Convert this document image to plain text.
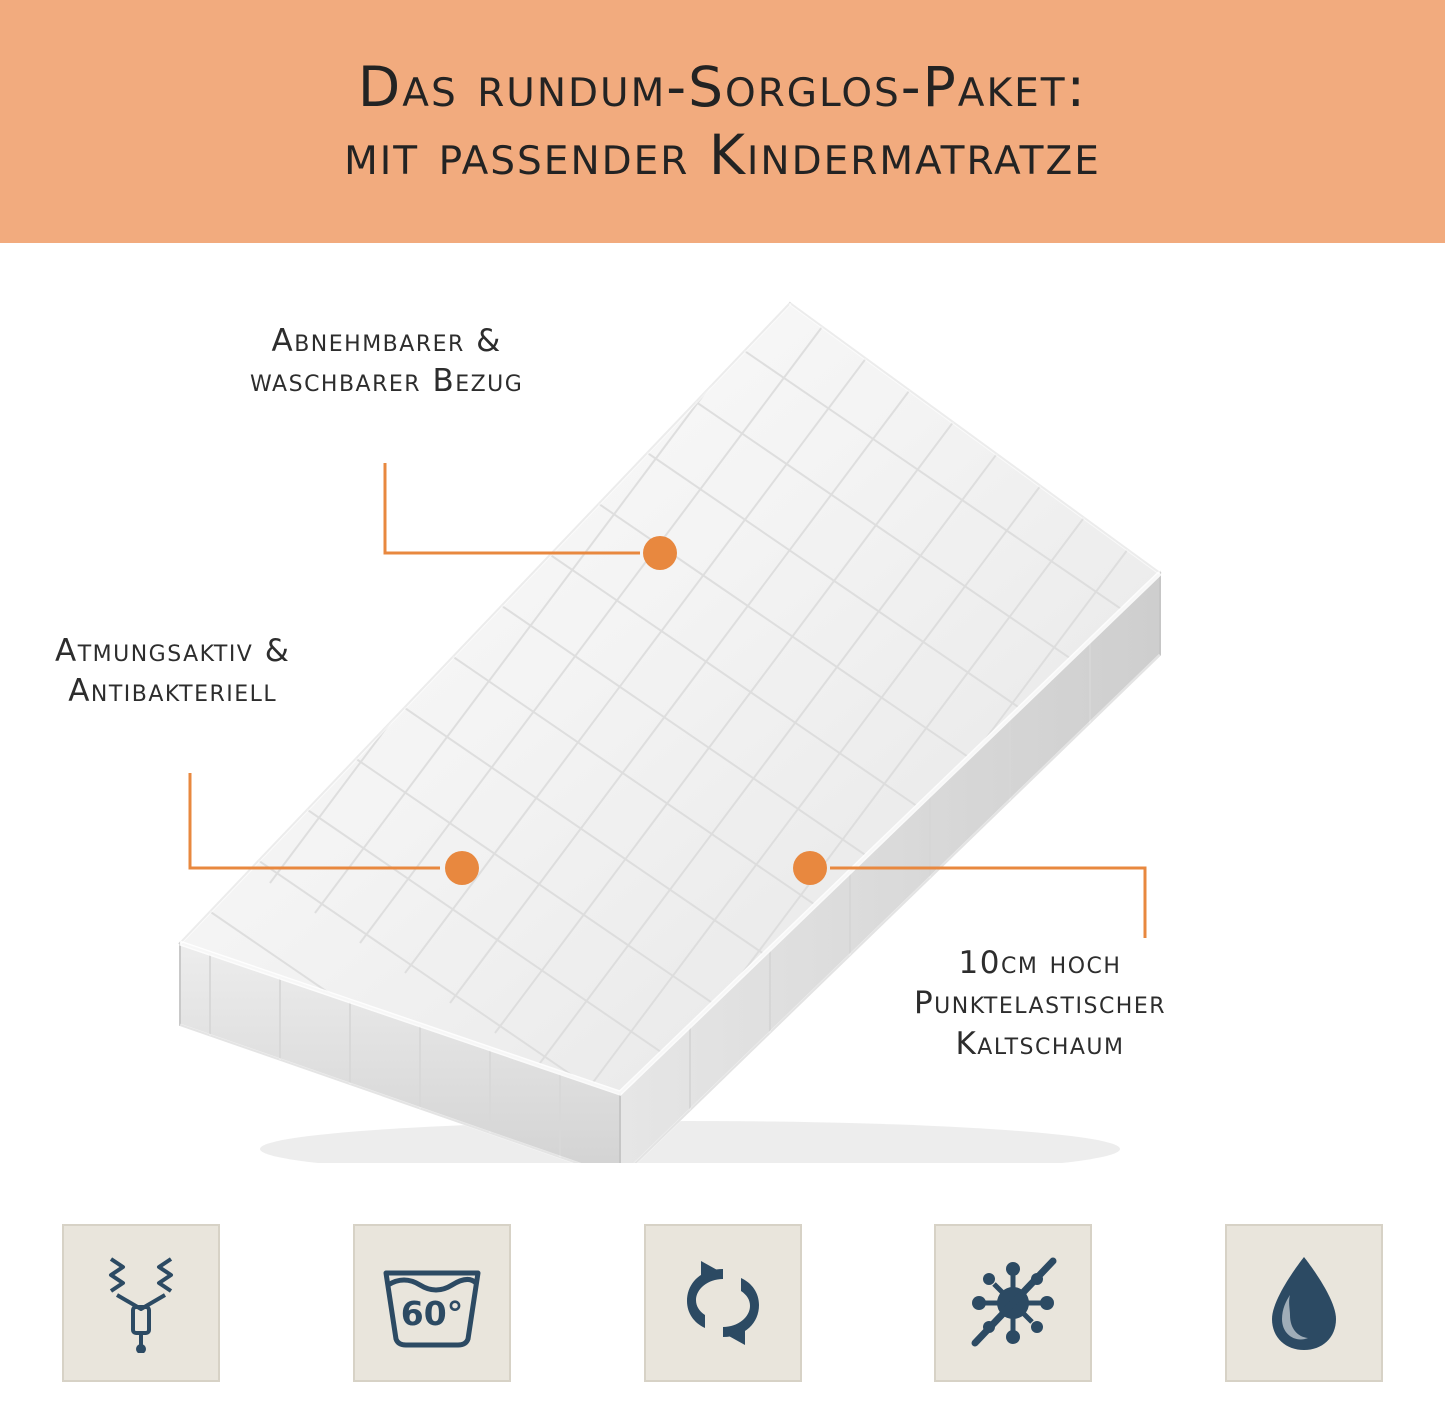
Das rundum-Sorglos-Paket:
mit passender Kindermatratze
Abnehmbarer &
waschbarer Bezug
Atmungsaktiv &
Antibakteriell
10cm hoch
Punktelastischer
Kaltschaum
60°
